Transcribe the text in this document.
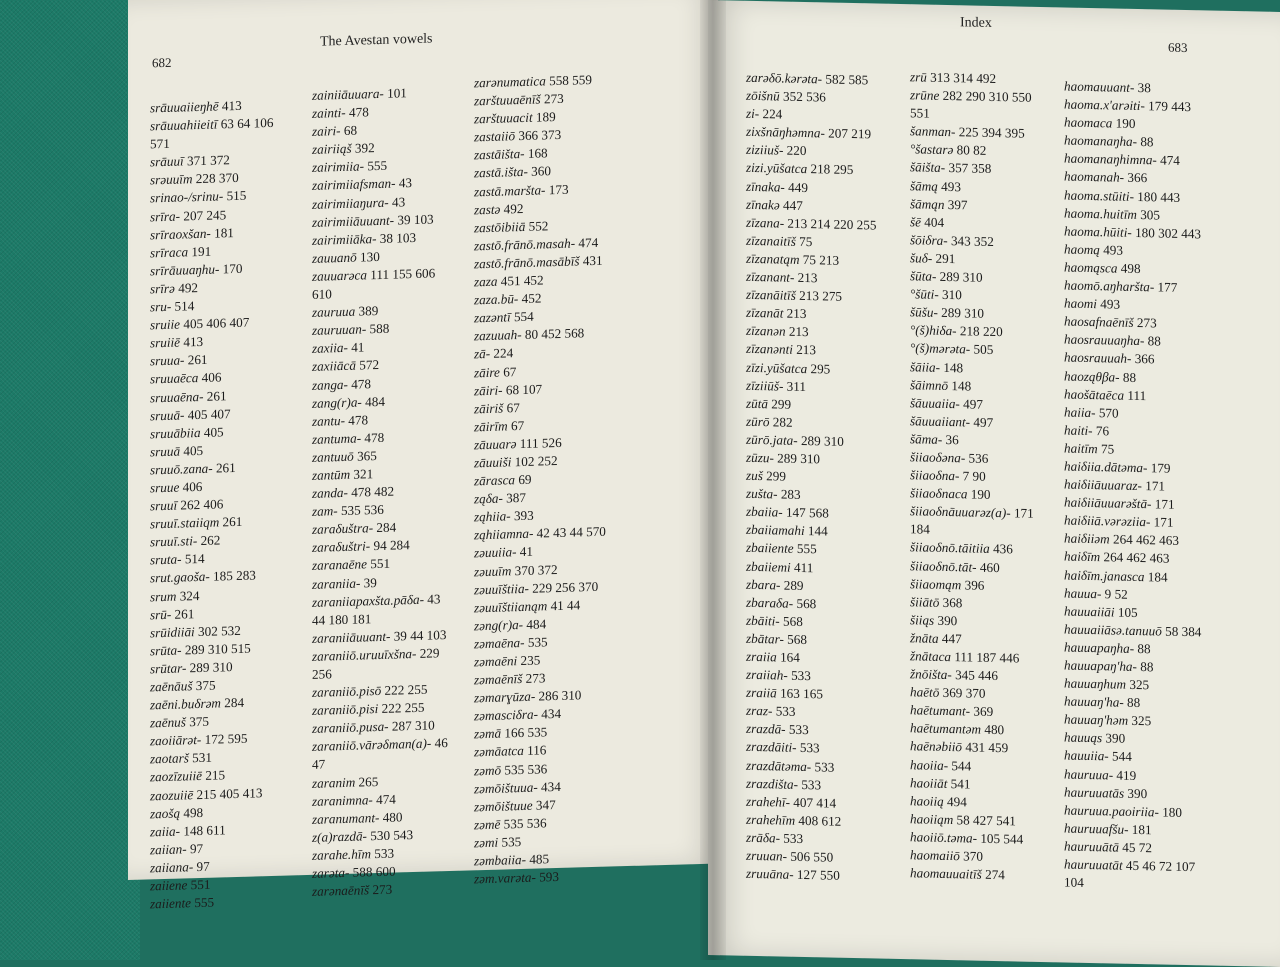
682
The Avestan vowels
srāuuaiieŋhē 413
srāuuahiieitī 63 64 106
571
srāuuī 371 372
srəuuīm 228 370
srinao-/srinu- 515
srīra- 207 245
srīraoxšan- 181
srīraca 191
srīrāuuaŋhu- 170
srīrə 492
sru- 514
sruiie 405 406 407
sruiiē 413
sruua- 261
sruuaēca 406
sruuaēna- 261
sruuā- 405 407
sruuābiia 405
sruuā 405
sruuō.zana- 261
sruue 406
sruuī 262 406
sruuī.staiiqm 261
sruuī.sti- 262
sruta- 514
srut.gaoša- 185 283
srum 324
srū- 261
srūidiiāi 302 532
srūta- 289 310 515
srūtar- 289 310
zaēnāuš 375
zaēni.buδrəm 284
zaēnuš 375
zaoiiārət- 172 595
zaotarš 531
zaozīzuiiē 215
zaozuiiē 215 405 413
zaošą 498
zaiia- 148 611
zaiian- 97
zaiiana- 97
zaiiene 551
zaiiente 555
zainiiāuuara- 101
zainti- 478
zairi- 68
zairiiąš 392
zairimiia- 555
zairimiiafsman- 43
zairimiiaŋura- 43
zairimiiāuuant- 39 103
zairimiiāka- 38 103
zauuanō 130
zauuarəca 111 155 606
610
zauruua 389
zauruuan- 588
zaxiia- 41
zaxiiācā 572
zanga- 478
zang(r)a- 484
zantu- 478
zantuma- 478
zantuuō 365
zantūm 321
zanda- 478 482
zam- 535 536
zaraδuštra- 284
zaraδuštri- 94 284
zaranaēne 551
zaraniia- 39
zaraniiapaxšta.pāδa- 43
44 180 181
zaraniiāuuant- 39 44 103
zaraniiō.uruuīxšna- 229
256
zaraniiō.pisō 222 255
zaraniiō.pisi 222 255
zaraniiō.pusa- 287 310
zaraniiō.vārəδman(a)- 46
47
zaranim 265
zaranimna- 474
zaranumant- 480
z(a)razdā- 530 543
zarahe.hīm 533
zarəta- 588 600
zarənaēnīš 273
zarənumatica 558 559
zarštuuaēnīš 273
zarštuuacit 189
zastaiiō 366 373
zastāišta- 168
zastā.išta- 360
zastā.maršta- 173
zastə 492
zastōibiiā 552
zastō.frānō.masah- 474
zastō.frānō.masābīš 431
zaza 451 452
zaza.bū- 452
zazəntī 554
zazuuah- 80 452 568
zā- 224
zāire 67
zāiri- 68 107
zāiriš 67
zāirīm 67
zāuuarə 111 526
zāuuiši 102 252
zārasca 69
ząδa- 387
ząhiia- 393
ząhiiamna- 42 43 44 570
zəuuiia- 41
zəuuīm 370 372
zəuuīštiia- 229 256 370
zəuuīštiianąm 41 44
zəng(r)a- 484
zəmaēna- 535
zəmaēni 235
zəmaēnīš 273
zəmarɣūza- 286 310
zəmasciδra- 434
zəmā 166 535
zəmāatca 116
zəmō 535 536
zəmōištuua- 434
zəmōištuue 347
zəmē 535 536
zəmi 535
zəmbaiia- 485
zəm.varəta- 593
Index
683
zarəδō.kərəta- 582 585
zōišnū 352 536
zi- 224
zixšnāŋhəmna- 207 219
ziziiuš- 220
zizi.yūšatca 218 295
zīnaka- 449
zīnakə 447
zīzana- 213 214 220 255
zīzanaitīš 75
zīzanatąm 75 213
zīzanant- 213
zīzanāitīš 213 275
zīzanāt 213
zīzanən 213
zīzanənti 213
zīzi.yūšatca 295
zīziiūš- 311
zūtā 299
zūrō 282
zūrō.jata- 289 310
zūzu- 289 310
zuš 299
zušta- 283
zbaiia- 147 568
zbaiiamahi 144
zbaiiente 555
zbaiiemi 411
zbara- 289
zbaraδa- 568
zbāiti- 568
zbātar- 568
zraiia 164
zraiiah- 533
zraiiā 163 165
zraz- 533
zrazdā- 533
zrazdāiti- 533
zrazdātəma- 533
zrazdišta- 533
zrahehī- 407 414
zrahehīm 408 612
zrāδa- 533
zruuan- 506 550
zruuāna- 127 550
zrū 313 314 492
zrūne 282 290 310 550
551
šanman- 225 394 395
°šastarə 80 82
šāišta- 357 358
šāmą 493
šāmąn 397
šē 404
šōiδra- 343 352
šuδ- 291
šūta- 289 310
°šūti- 310
šūšu- 289 310
°(š)hiδa- 218 220
°(š)mərəta- 505
šāiia- 148
šāimnō 148
šāuuaiia- 497
šāuuaiiant- 497
šāma- 36
šiiaoδəna- 536
šiiaoδna- 7 90
šiiaoδnaca 190
šiiaoδnāuuarəz(a)- 171
184
šiiaoδnō.tāitiia 436
šiiaoδnō.tāt- 460
šiiaomąm 396
šiiātō 368
šiiąs 390
žnāta 447
žnātaca 111 187 446
žnōišta- 345 446
haētō 369 370
haētumant- 369
haētumantəm 480
haēnəbiiō 431 459
haoiia- 544
haoiiāt 541
haoiią 494
haoiiąm 58 427 541
haoiiō.təma- 105 544
haomaiiō 370
haomauuaitīš 274
haomauuant- 38
haoma.x'arəiti- 179 443
haomaca 190
haomanaŋha- 88
haomanaŋhimna- 474
haomanah- 366
haoma.stūiti- 180 443
haoma.huitīm 305
haoma.hūiti- 180 302 443
haomą 493
haomąsca 498
haomō.aŋharšta- 177
haomi 493
haosafnaēnīš 273
haosrauuaŋha- 88
haosrauuah- 366
haoząθβa- 88
haošātaēca 111
haiia- 570
haiti- 76
haitīm 75
haiδiia.dātəma- 179
haiδiiāuuaraz- 171
haiδiiāuuarəštā- 171
haiδiiā.vərəziia- 171
haiδiiəm 264 462 463
haiδīm 264 462 463
haiδīm.janasca 184
hauua- 9 52
hauuaiiāi 105
hauuaiiāsə.tanuuō 58 384
hauuapaŋha- 88
hauuapaŋ'ha- 88
hauuaŋhum 325
hauuaŋ'ha- 88
hauuaŋ'həm 325
hauuąs 390
hauuiia- 544
hauruua- 419
hauruuatās 390
hauruua.paoiriia- 180
hauruuafšu- 181
hauruuātā 45 72
hauruuatāt 45 46 72 107
104
